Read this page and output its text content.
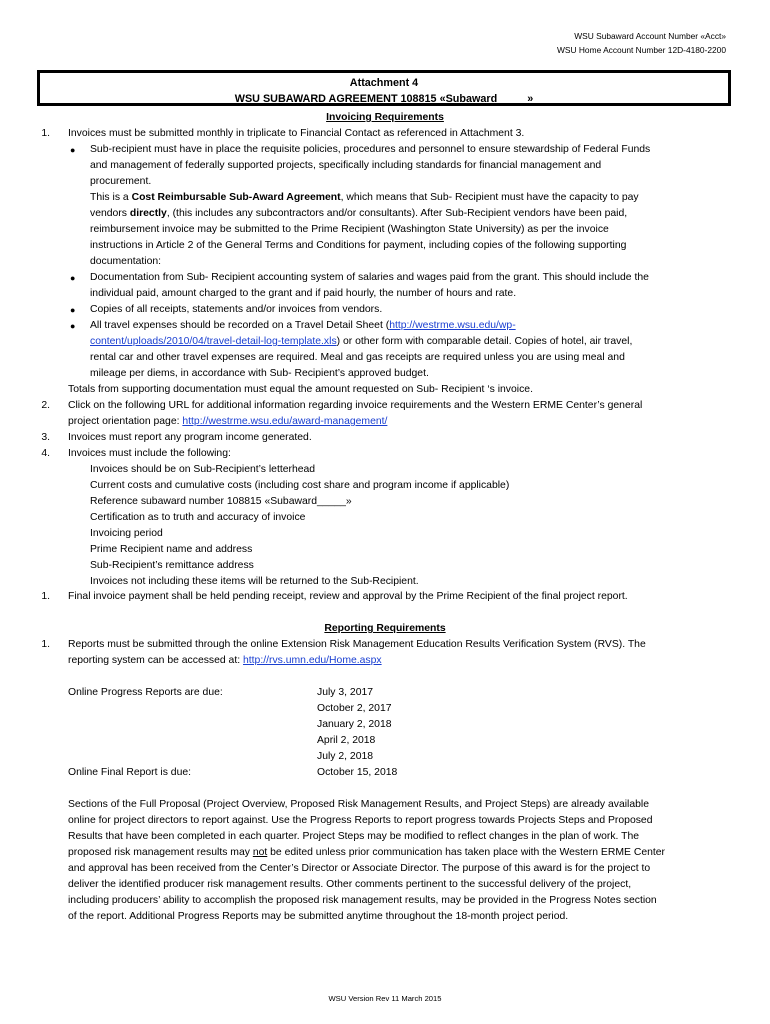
WSU Subaward Account Number «Acct»
WSU Home Account Number 12D-4180-2200
Attachment 4
WSU SUBAWARD AGREEMENT 108815 «Subaward_____»
Invoicing Requirements
1. Invoices must be submitted monthly in triplicate to Financial Contact as referenced in Attachment 3.
● Sub-recipient must have in place the requisite policies, procedures and personnel to ensure stewardship of Federal Funds
and management of federally supported projects, specifically including standards for financial management and
procurement.
This is a Cost Reimbursable Sub-Award Agreement, which means that Sub- Recipient must have the capacity to pay
vendors directly, (this includes any subcontractors and/or consultants). After Sub-Recipient vendors have been paid,
reimbursement invoice may be submitted to the Prime Recipient (Washington State University) as per the invoice
instructions in Article 2 of the General Terms and Conditions for payment, including copies of the following supporting
documentation:
● Documentation from Sub- Recipient accounting system of salaries and wages paid from the grant. This should include the
individual paid, amount charged to the grant and if paid hourly, the number of hours and rate.
● Copies of all receipts, statements and/or invoices from vendors.
● All travel expenses should be recorded on a Travel Detail Sheet (http://westrme.wsu.edu/wp-
content/uploads/2010/04/travel-detail-log-template.xls) or other form with comparable detail. Copies of hotel, air travel,
rental car and other travel expenses are required. Meal and gas receipts are required unless you are using meal and
mileage per diems, in accordance with Sub- Recipient’s approved budget.
Totals from supporting documentation must equal the amount requested on Sub- Recipient ‘s invoice.
2. Click on the following URL for additional information regarding invoice requirements and the Western ERME Center’s general
project orientation page: http://westrme.wsu.edu/award-management/
3. Invoices must report any program income generated.
4. Invoices must include the following:
Invoices should be on Sub-Recipient’s letterhead
Current costs and cumulative costs (including cost share and program income if applicable)
Reference subaward number 108815 «Subaward_____»
Certification as to truth and accuracy of invoice
Invoicing period
Prime Recipient name and address
Sub-Recipient’s remittance address
Invoices not including these items will be returned to the Sub-Recipient.
1. Final invoice payment shall be held pending receipt, review and approval by the Prime Recipient of the final project report.
Reporting Requirements
1. Reports must be submitted through the online Extension Risk Management Education Results Verification System (RVS). The
reporting system can be accessed at: http://rvs.umn.edu/Home.aspx
Online Progress Reports are due:	July 3, 2017
October 2, 2017
January 2, 2018
April 2, 2018
July 2, 2018
Online Final Report is due:	October 15, 2018
Sections of the Full Proposal (Project Overview, Proposed Risk Management Results, and Project Steps) are already available
online for project directors to report against. Use the Progress Reports to report progress towards Projects Steps and Proposed
Results that have been completed in each quarter. Project Steps may be modified to reflect changes in the plan of work. The
proposed risk management results may not be edited unless prior communication has taken place with the Western ERME Center
and approval has been received from the Center’s Director or Associate Director. The purpose of this award is for the project to
deliver the identified producer risk management results. Other comments pertinent to the successful delivery of the project,
including producers’ ability to accomplish the proposed risk management results, may be provided in the Progress Notes section
of the report. Additional Progress Reports may be submitted anytime throughout the 18-month project period.
WSU Version Rev 11 March 2015
